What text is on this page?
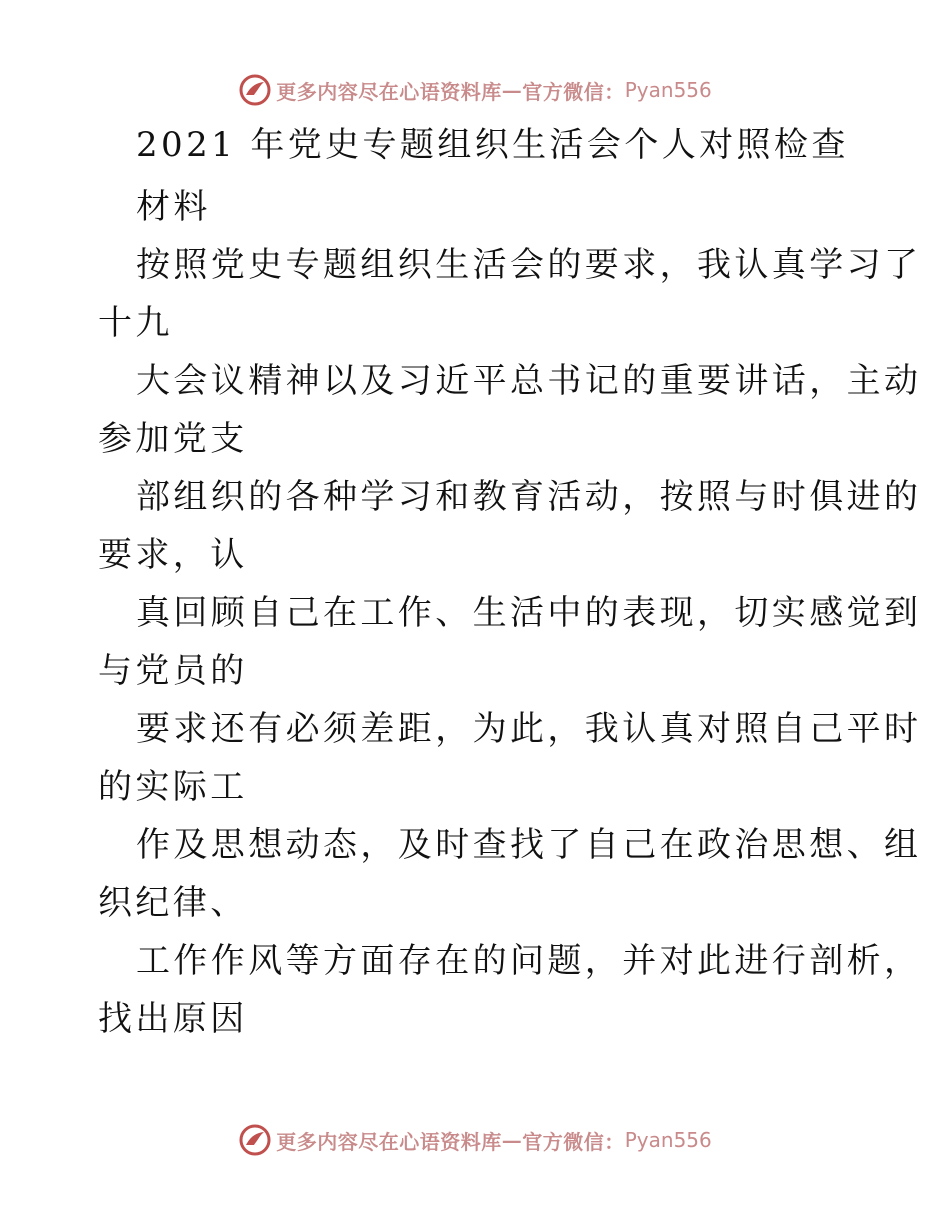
更多内容尽在心语资料库 — 官方微信： Pyan556
2021 年党史专题组织生活会个人对照检查
材料
按照党史专题组织生活会的要求，我认真学习了
十九
大会议精神以及习近平总书记的重要讲话，主动
参加党支
部组织的各种学习和教育活动，按照与时俱进的
要求，认
真回顾自己在工作、生活中的表现，切实感觉到
与党员的
要求还有必须差距，为此，我认真对照自己平时
的实际工
作及思想动态，及时查找了自己在政治思想、组
织纪律、
工作作风等方面存在的问题，并对此进行剖析，
找出原因
更多内容尽在心语资料库 — 官方微信： Pyan556
